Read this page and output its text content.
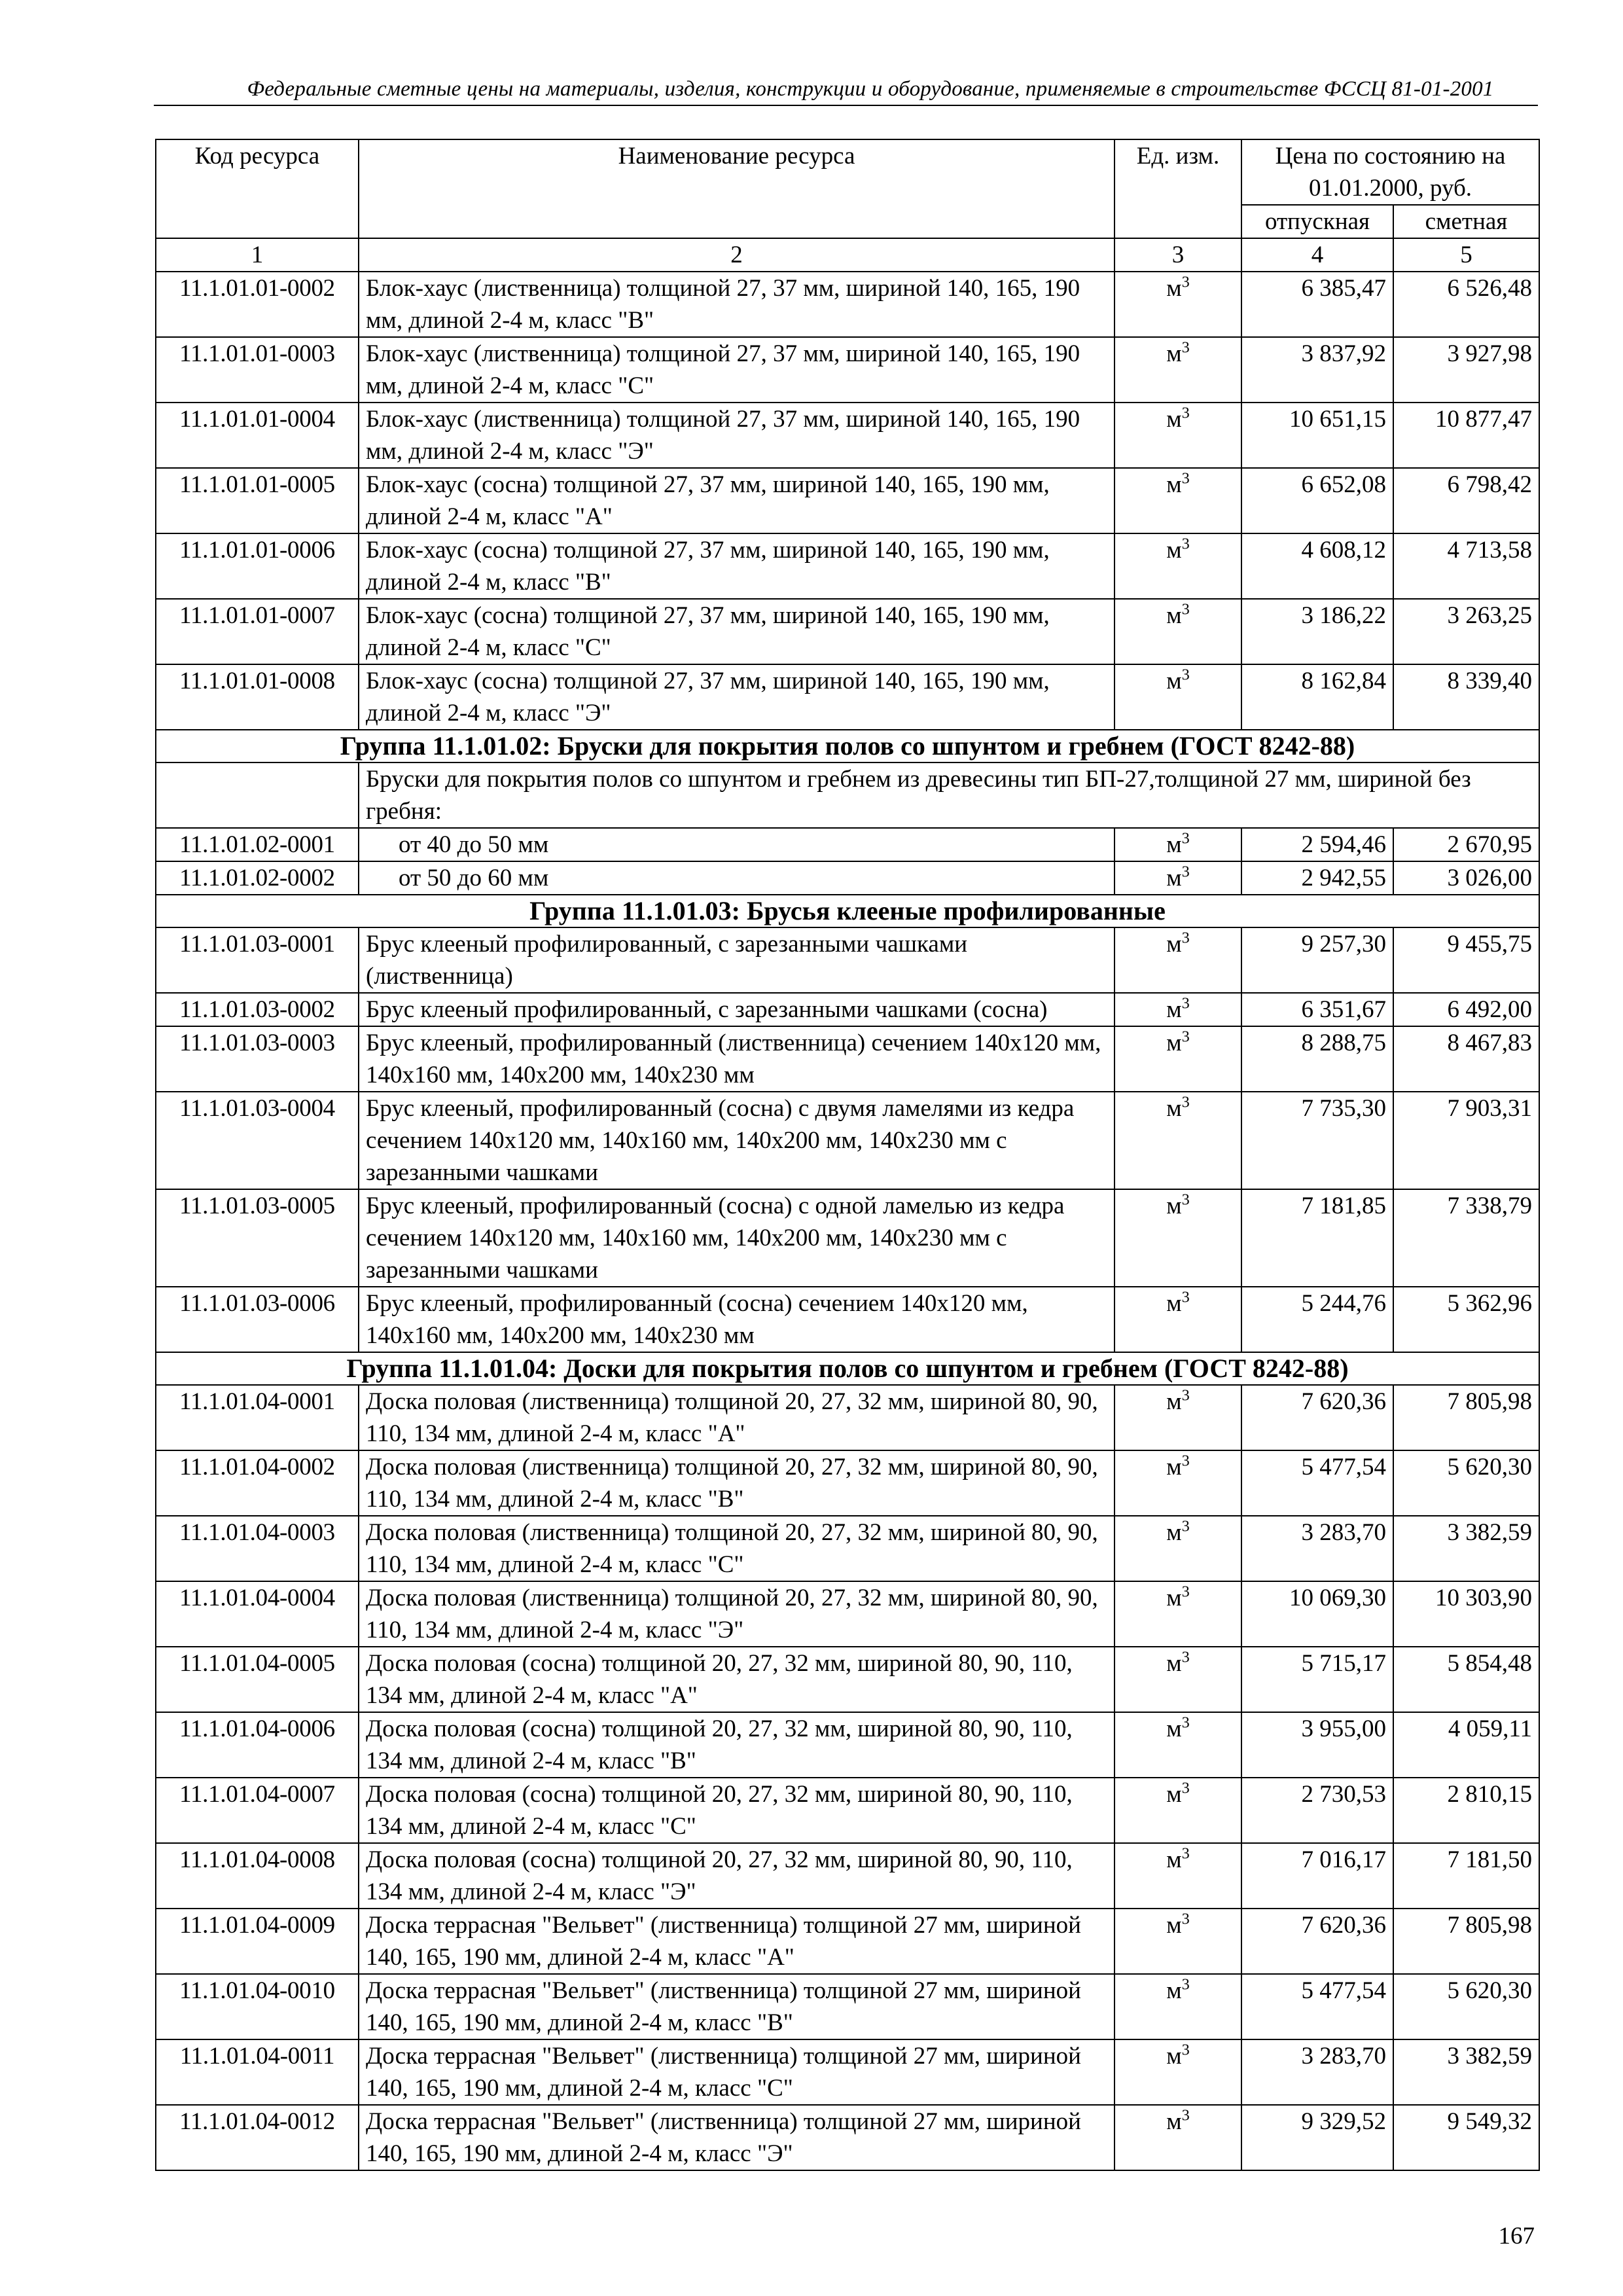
Федеральные сметные цены на материалы, изделия, конструкции и оборудование, применяемые в строительстве ФССЦ 81-01-2001
Код ресурса	Наименование ресурса	Ед. изм.	Цена по состоянию на 01.01.2000, руб.	
			отпускная	сметная
1	2	3	4	5
11.1.01.01-0002	Блок-хаус (лиственница) толщиной 27, 37 мм, шириной 140, 165, 190 мм, длиной 2-4 м, класс "В"	$м^3$	6 385,47	6 526,48
11.1.01.01-0003	Блок-хаус (лиственница) толщиной 27, 37 мм, шириной 140, 165, 190 мм, длиной 2-4 м, класс "С"	$м^3$	3 837,92	3 927,98
11.1.01.01-0004	Блок-хаус (лиственница) толщиной 27, 37 мм, шириной 140, 165, 190 мм, длиной 2-4 м, класс "Э"	$м^3$	10 651,15	10 877,47
11.1.01.01-0005	Блок-хаус (сосна) толщиной 27, 37 мм, шириной 140, 165, 190 мм, длиной 2-4 м, класс "А"	$м^3$	6 652,08	6 798,42
11.1.01.01-0006	Блок-хаус (сосна) толщиной 27, 37 мм, шириной 140, 165, 190 мм, длиной 2-4 м, класс "В"	$м^3$	4 608,12	4 713,58
11.1.01.01-0007	Блок-хаус (сосна) толщиной 27, 37 мм, шириной 140, 165, 190 мм, длиной 2-4 м, класс "С"	$м^3$	3 186,22	3 263,25
11.1.01.01-0008	Блок-хаус (сосна) толщиной 27, 37 мм, шириной 140, 165, 190 мм, длиной 2-4 м, класс "Э"	$м^3$	8 162,84	8 339,40
Группа 11.1.01.02: Бруски для покрытия полов со шпунтом и гребнем (ГОСТ 8242-88)				
	Бруски для покрытия полов со шпунтом и гребнем из древесины тип БП-27,толщиной 27 мм, шириной без гребня:			
11.1.01.02-0001	от 40 до 50 мм	$м^3$	2 594,46	2 670,95
11.1.01.02-0002	от 50 до 60 мм	$м^3$	2 942,55	3 026,00
Группа 11.1.01.03: Брусья клееные профилированные				
11.1.01.03-0001	Брус клееный профилированный, с зарезанными чашками (лиственница)	$м^3$	9 257,30	9 455,75
11.1.01.03-0002	Брус клееный профилированный, с зарезанными чашками (сосна)	$м^3$	6 351,67	6 492,00
11.1.01.03-0003	Брус клееный, профилированный (лиственница) сечением 140х120 мм, 140х160 мм, 140х200 мм, 140х230 мм	$м^3$	8 288,75	8 467,83
11.1.01.03-0004	Брус клееный, профилированный (сосна) с двумя ламелями из кедра сечением 140х120 мм, 140х160 мм, 140х200 мм, 140х230 мм с зарезанными чашками	$м^3$	7 735,30	7 903,31
11.1.01.03-0005	Брус клееный, профилированный (сосна) с одной ламелью из кедра сечением 140х120 мм, 140х160 мм, 140х200 мм, 140х230 мм с зарезанными чашками	$м^3$	7 181,85	7 338,79
11.1.01.03-0006	Брус клееный, профилированный (сосна) сечением 140х120 мм, 140х160 мм, 140х200 мм, 140х230 мм	$м^3$	5 244,76	5 362,96
Группа 11.1.01.04: Доски для покрытия полов со шпунтом и гребнем (ГОСТ 8242-88)				
11.1.01.04-0001	Доска половая (лиственница) толщиной 20, 27, 32 мм, шириной 80, 90, 110, 134 мм, длиной 2-4 м, класс "А"	$м^3$	7 620,36	7 805,98
11.1.01.04-0002	Доска половая (лиственница) толщиной 20, 27, 32 мм, шириной 80, 90, 110, 134 мм, длиной 2-4 м, класс "В"	$м^3$	5 477,54	5 620,30
11.1.01.04-0003	Доска половая (лиственница) толщиной 20, 27, 32 мм, шириной 80, 90, 110, 134 мм, длиной 2-4 м, класс "С"	$м^3$	3 283,70	3 382,59
11.1.01.04-0004	Доска половая (лиственница) толщиной 20, 27, 32 мм, шириной 80, 90, 110, 134 мм, длиной 2-4 м, класс "Э"	$м^3$	10 069,30	10 303,90
11.1.01.04-0005	Доска половая (сосна) толщиной 20, 27, 32 мм, шириной 80, 90, 110, 134 мм, длиной 2-4 м, класс "А"	$м^3$	5 715,17	5 854,48
11.1.01.04-0006	Доска половая (сосна) толщиной 20, 27, 32 мм, шириной 80, 90, 110, 134 мм, длиной 2-4 м, класс "В"	$м^3$	3 955,00	4 059,11
11.1.01.04-0007	Доска половая (сосна) толщиной 20, 27, 32 мм, шириной 80, 90, 110, 134 мм, длиной 2-4 м, класс "С"	$м^3$	2 730,53	2 810,15
11.1.01.04-0008	Доска половая (сосна) толщиной 20, 27, 32 мм, шириной 80, 90, 110, 134 мм, длиной 2-4 м, класс "Э"	$м^3$	7 016,17	7 181,50
11.1.01.04-0009	Доска террасная "Вельвет" (лиственница) толщиной 27 мм, шириной 140, 165, 190 мм, длиной 2-4 м, класс "А"	$м^3$	7 620,36	7 805,98
11.1.01.04-0010	Доска террасная "Вельвет" (лиственница) толщиной 27 мм, шириной 140, 165, 190 мм, длиной 2-4 м, класс "В"	$м^3$	5 477,54	5 620,30
11.1.01.04-0011	Доска террасная "Вельвет" (лиственница) толщиной 27 мм, шириной 140, 165, 190 мм, длиной 2-4 м, класс "С"	$м^3$	3 283,70	3 382,59
11.1.01.04-0012	Доска террасная "Вельвет" (лиственница) толщиной 27 мм, шириной 140, 165, 190 мм, длиной 2-4 м, класс "Э"	$м^3$	9 329,52	9 549,32
167
